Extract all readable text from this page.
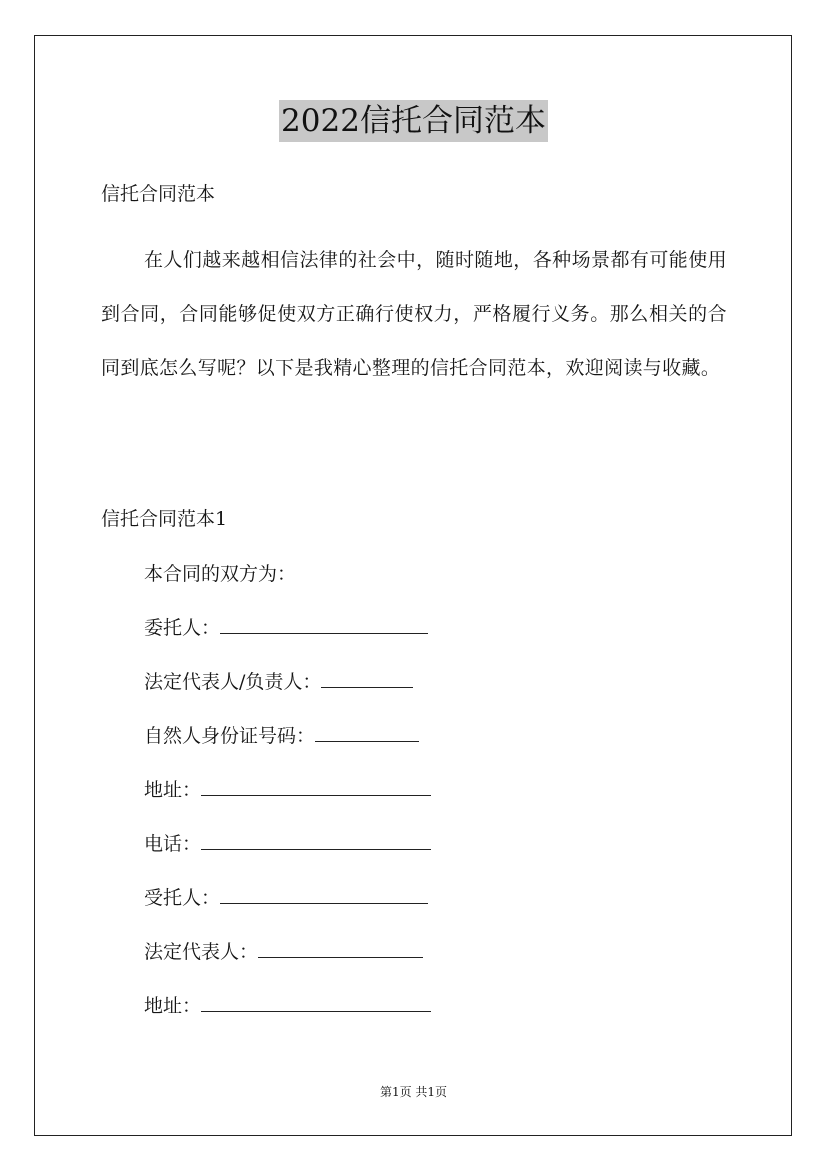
2022信托合同范本
信托合同范本
在人们越来越相信法律的社会中，随时随地，各种场景都有可能使用到合同，合同能够促使双方正确行使权力，严格履行义务。那么相关的合同到底怎么写呢？以下是我精心整理的信托合同范本，欢迎阅读与收藏。
信托合同范本1
本合同的双方为：
委托人：
法定代表人/负责人：
自然人身份证号码：
地址：
电话：
受托人：
法定代表人：
地址：
第1页 共1页
